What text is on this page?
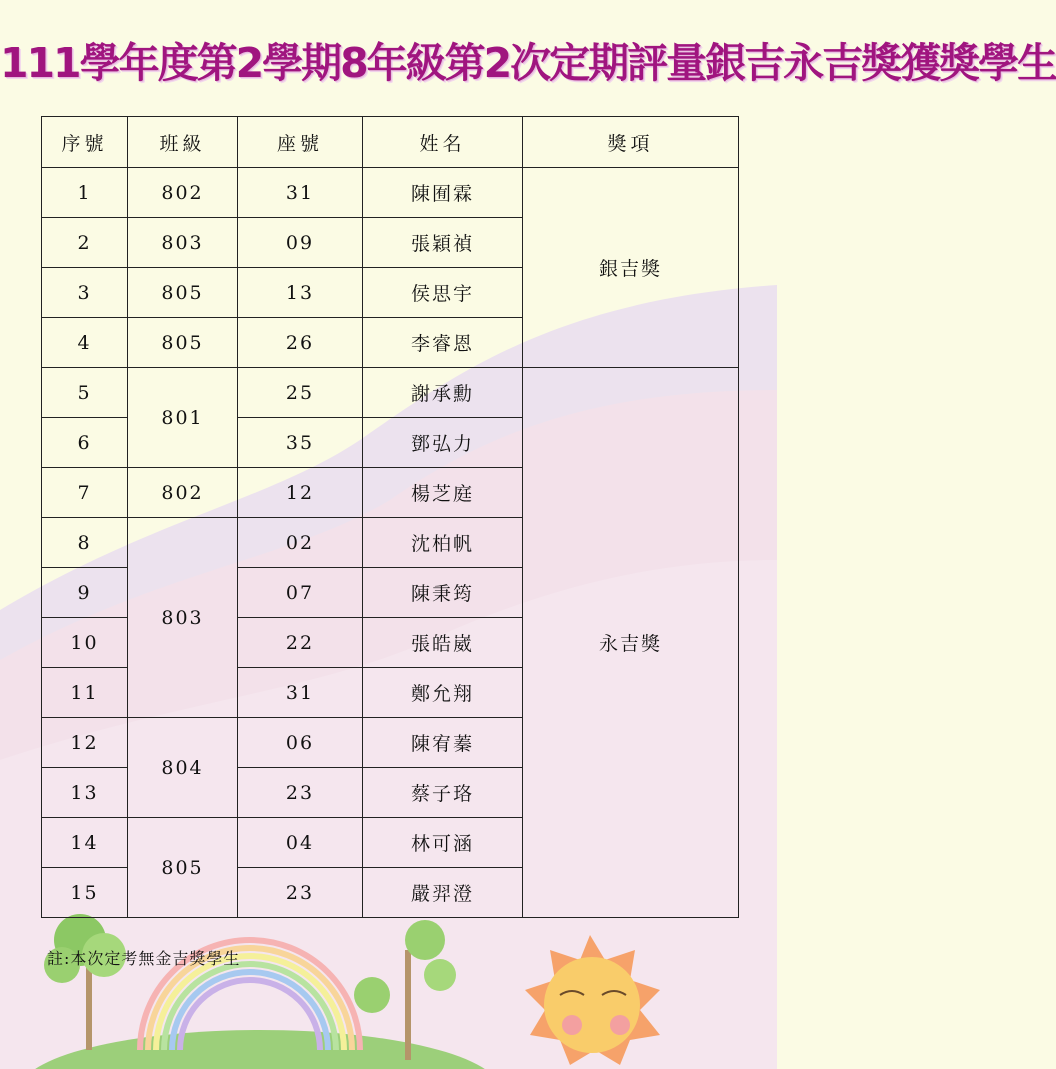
111學年度第2學期8年級第2次定期評量銀吉永吉獎獲獎學生
序號	班級	座號	姓名	獎項
1	802	31	陳囿霖	銀吉獎
2	803	09	張穎禎	
3	805	13	侯思宇	
4	805	26	李睿恩	
5	801	25	謝承勳	永吉獎
6		35	鄧弘力	
7	802	12	楊芝庭	
8	803	02	沈柏帆	
9		07	陳秉筠	
10		22	張皓崴	
11		31	鄭允翔	
12	804	06	陳宥蓁	
13		23	蔡子珞	
14	805	04	林可涵	
15		23	嚴羿澄	
註:本次定考無金吉獎學生
